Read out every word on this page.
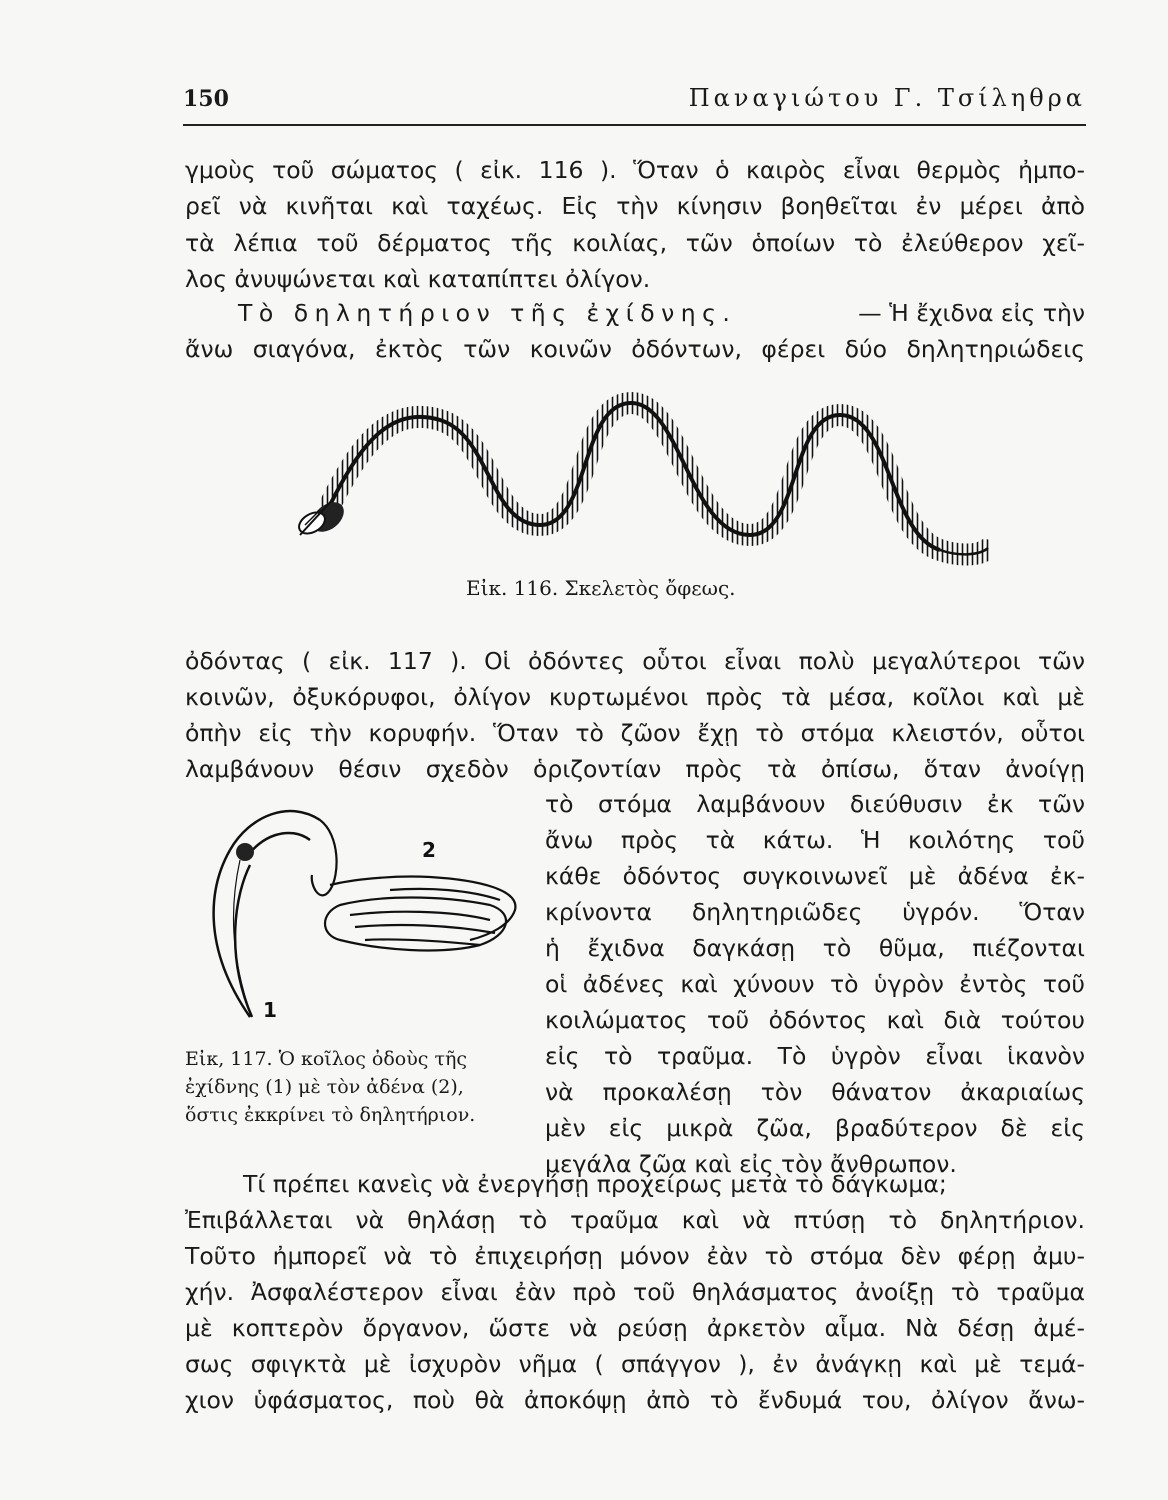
150	Παναγιώτου Γ. Τσίληθρα
γμοὺς τοῦ σώματος ( εἰκ. 116 ). Ὅταν ὁ καιρὸς εἶναι θερμὸς ἠμπο-
ρεῖ νὰ κινῆται καὶ ταχέως. Εἰς τὴν κίνησιν βοηθεῖται ἐν μέρει ἀπὸ
τὰ λέπια τοῦ δέρματος τῆς κοιλίας, τῶν ὁποίων τὸ ἐλεύθερον χεῖ-
λος ἀνυψώνεται καὶ καταπίπτει ὀλίγον.
Τὸ δηλητήριον τῆς ἐχίδνης.	— Ἡ ἔχιδνα εἰς τὴν
ἄνω σιαγόνα, ἐκτὸς τῶν κοινῶν ὀδόντων, φέρει δύο δηλητηριώδεις
Εἰκ. 116. Σκελετὸς ὄφεως.
ὀδόντας ( εἰκ. 117 ). Οἱ ὀδόντες οὗτοι εἶναι πολὺ μεγαλύτεροι τῶν
κοινῶν, ὀξυκόρυφοι, ὀλίγον κυρτωμένοι πρὸς τὰ μέσα, κοῖλοι καὶ μὲ
ὀπὴν εἰς τὴν κορυφήν. Ὅταν τὸ ζῶον ἔχῃ τὸ στόμα κλειστόν, οὗτοι
λαμβάνουν θέσιν σχεδὸν ὁριζοντίαν πρὸς τὰ ὀπίσω, ὅταν ἀνοίγῃ
τὸ στόμα λαμβάνουν διεύθυσιν ἐκ τῶν
ἄνω πρὸς τὰ κάτω. Ἡ κοιλότης τοῦ
κάθε ὀδόντος συγκοινωνεῖ μὲ ἀδένα ἐκ-
κρίνοντα δηλητηριῶδες ὑγρόν. Ὅταν
ἡ ἔχιδνα δαγκάσῃ τὸ θῦμα, πιέζονται
οἱ ἀδένες καὶ χύνουν τὸ ὑγρὸν ἐντὸς τοῦ
κοιλώματος τοῦ ὀδόντος καὶ διὰ τούτου
εἰς τὸ τραῦμα. Τὸ ὑγρὸν εἶναι ἱκανὸν
νὰ προκαλέσῃ τὸν θάνατον ἀκαριαίως
μὲν εἰς μικρὰ ζῶα, βραδύτερον δὲ εἰς
μεγάλα ζῶα καὶ εἰς τὸν ἄνθρωπον.
2
1
Εἰκ, 117. Ὁ κοῖλος ὀδοὺς τῆς
ἐχίδνης (1) μὲ τὸν ἀδένα (2),
ὅστις ἐκκρίνει τὸ δηλητήριον.
Τί πρέπει κανεὶς νὰ ἐνεργήσῃ προχείρως μετὰ τὸ δάγκωμα;
Ἐπιβάλλεται νὰ θηλάσῃ τὸ τραῦμα καὶ νὰ πτύσῃ τὸ δηλητήριον.
Τοῦτο ἠμπορεῖ νὰ τὸ ἐπιχειρήσῃ μόνον ἐὰν τὸ στόμα δὲν φέρῃ ἀμυ-
χήν. Ἀσφαλέστερον εἶναι ἐὰν πρὸ τοῦ θηλάσματος ἀνοίξῃ τὸ τραῦμα
μὲ κοπτερὸν ὄργανον, ὥστε νὰ ρεύσῃ ἀρκετὸν αἷμα. Νὰ δέσῃ ἀμέ-
σως σφιγκτὰ μὲ ἰσχυρὸν νῆμα ( σπάγγον ), ἐν ἀνάγκῃ καὶ μὲ τεμά-
χιον ὑφάσματος, ποὺ θὰ ἀποκόψῃ ἀπὸ τὸ ἔνδυμά του, ὀλίγον ἄνω-
